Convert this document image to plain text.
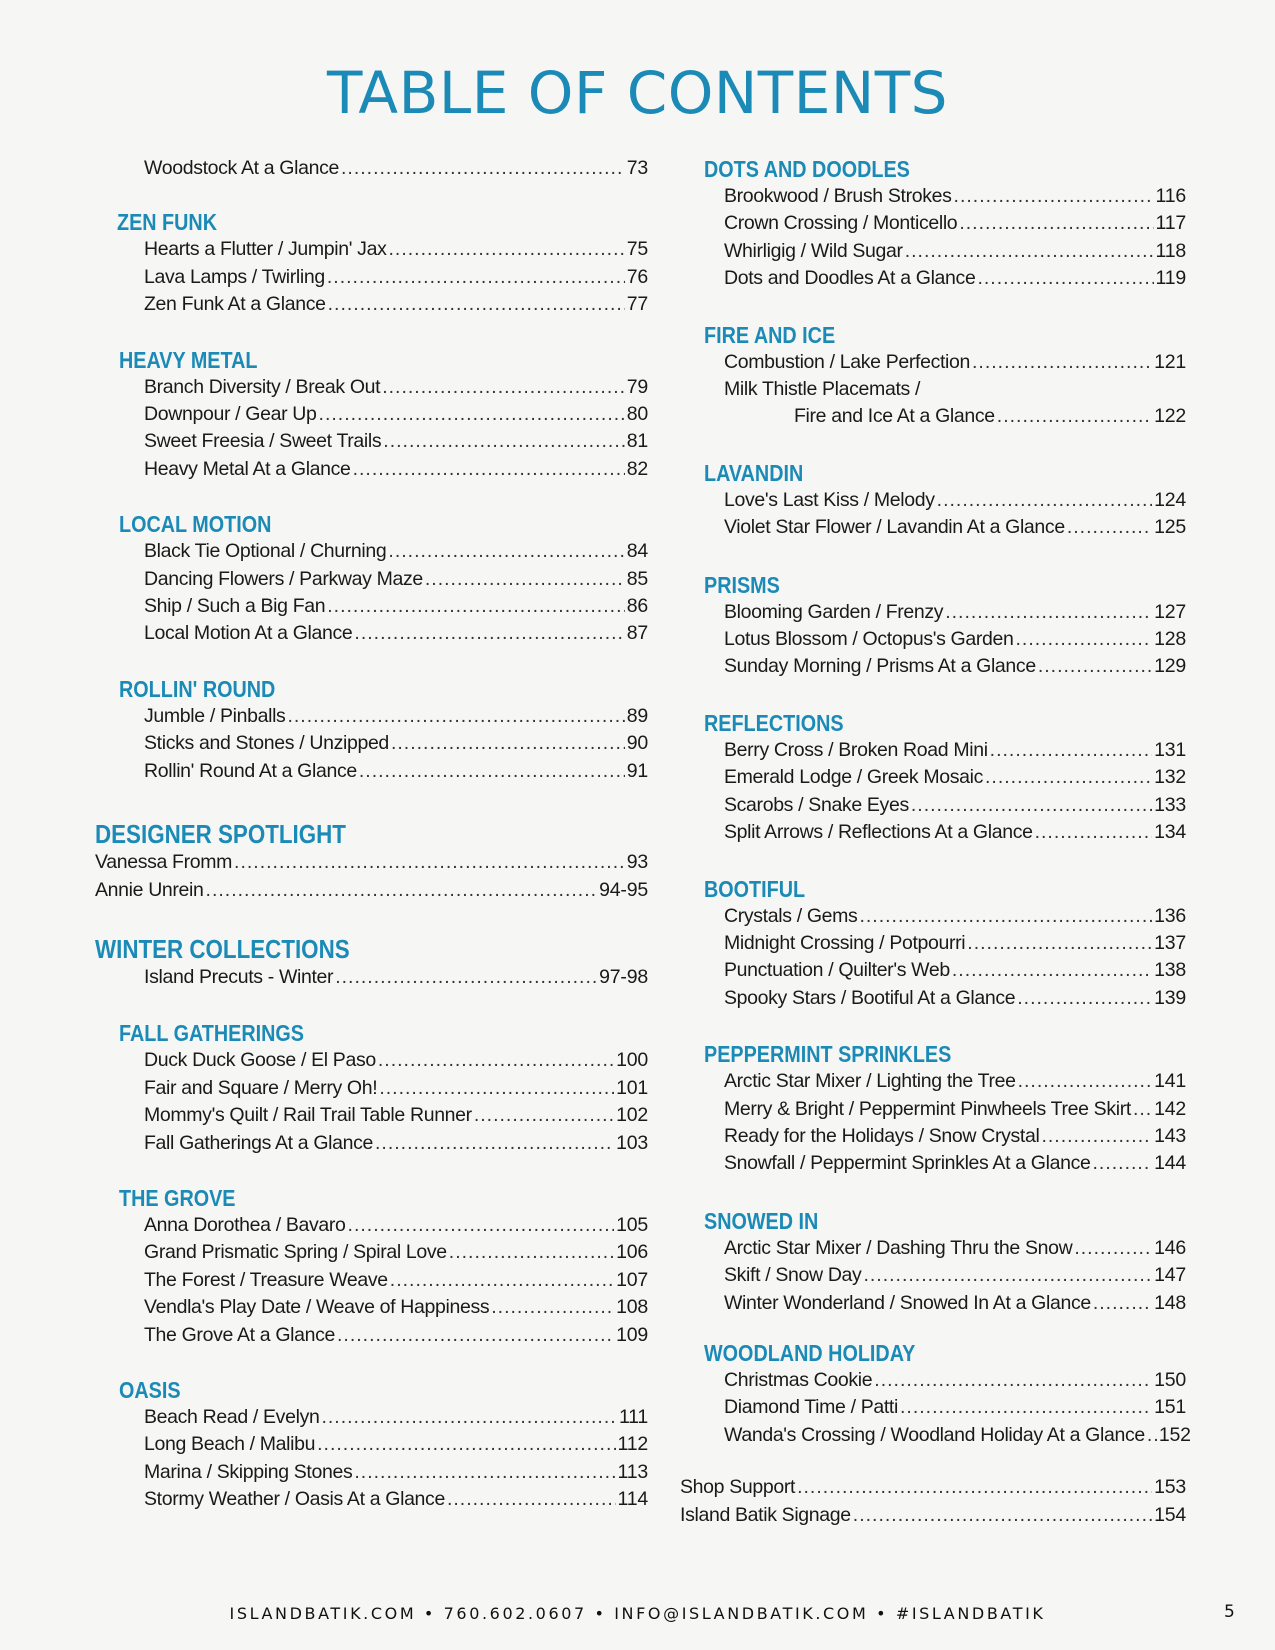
TABLE OF CONTENTS
Woodstock At a Glance .....	73
ZEN FUNK
Hearts a Flutter / Jumpin' Jax .....	75
Lava Lamps / Twirling .....	76
Zen Funk At a Glance .....	77
HEAVY METAL
Branch Diversity / Break Out .....	79
Downpour / Gear Up .....	80
Sweet Freesia / Sweet Trails .....	81
Heavy Metal At a Glance .....	82
LOCAL MOTION
Black Tie Optional / Churning .....	84
Dancing Flowers / Parkway Maze .....	85
Ship / Such a Big Fan .....	86
Local Motion At a Glance .....	87
ROLLIN' ROUND
Jumble / Pinballs .....	89
Sticks and Stones / Unzipped .....	90
Rollin' Round At a Glance .....	91
DESIGNER SPOTLIGHT
Vanessa Fromm .....	93
Annie Unrein .....	94-95
WINTER COLLECTIONS
Island Precuts - Winter .....	97-98
FALL GATHERINGS
Duck Duck Goose / El Paso .....	100
Fair and Square / Merry Oh! .....	101
Mommy's Quilt / Rail Trail Table Runner .....	102
Fall Gatherings At a Glance .....	103
THE GROVE
Anna Dorothea / Bavaro .....	105
Grand Prismatic Spring / Spiral Love .....	106
The Forest / Treasure Weave .....	107
Vendla's Play Date / Weave of Happiness .....	108
The Grove At a Glance .....	109
OASIS
Beach Read / Evelyn .....	111
Long Beach / Malibu .....	112
Marina / Skipping Stones .....	113
Stormy Weather / Oasis At a Glance .....	114
DOTS AND DOODLES
Brookwood / Brush Strokes .....	116
Crown Crossing / Monticello .....	117
Whirligig / Wild Sugar .....	118
Dots and Doodles At a Glance .....	119
FIRE AND ICE
Combustion / Lake Perfection .....	121
Milk Thistle Placemats /
Fire and Ice At a Glance .....	122
LAVANDIN
Love's Last Kiss / Melody .....	124
Violet Star Flower / Lavandin At a Glance .....	125
PRISMS
Blooming Garden / Frenzy .....	127
Lotus Blossom / Octopus's Garden .....	128
Sunday Morning / Prisms At a Glance .....	129
REFLECTIONS
Berry Cross / Broken Road Mini .....	131
Emerald Lodge / Greek Mosaic .....	132
Scarobs / Snake Eyes .....	133
Split Arrows / Reflections At a Glance .....	134
BOOTIFUL
Crystals / Gems .....	136
Midnight Crossing / Potpourri .....	137
Punctuation / Quilter's Web .....	138
Spooky Stars / Bootiful At a Glance .....	139
PEPPERMINT SPRINKLES
Arctic Star Mixer / Lighting the Tree .....	141
Merry & Bright / Peppermint Pinwheels Tree Skirt ..... 142
Ready for the Holidays / Snow Crystal .....	143
Snowfall / Peppermint Sprinkles At a Glance .....	144
SNOWED IN
Arctic Star Mixer / Dashing Thru the Snow .....	146
Skift / Snow Day .....	147
Winter Wonderland / Snowed In At a Glance .....	148
WOODLAND HOLIDAY
Christmas Cookie .....	150
Diamond Time / Patti .....	151
Wanda's Crossing / Woodland Holiday At a Glance ..... 152
Shop Support .....	153
Island Batik Signage .....	154
ISLANDBATIK.COM • 760.602.0607 • INFO@ISLANDBATIK.COM • #ISLANDBATIK	5
